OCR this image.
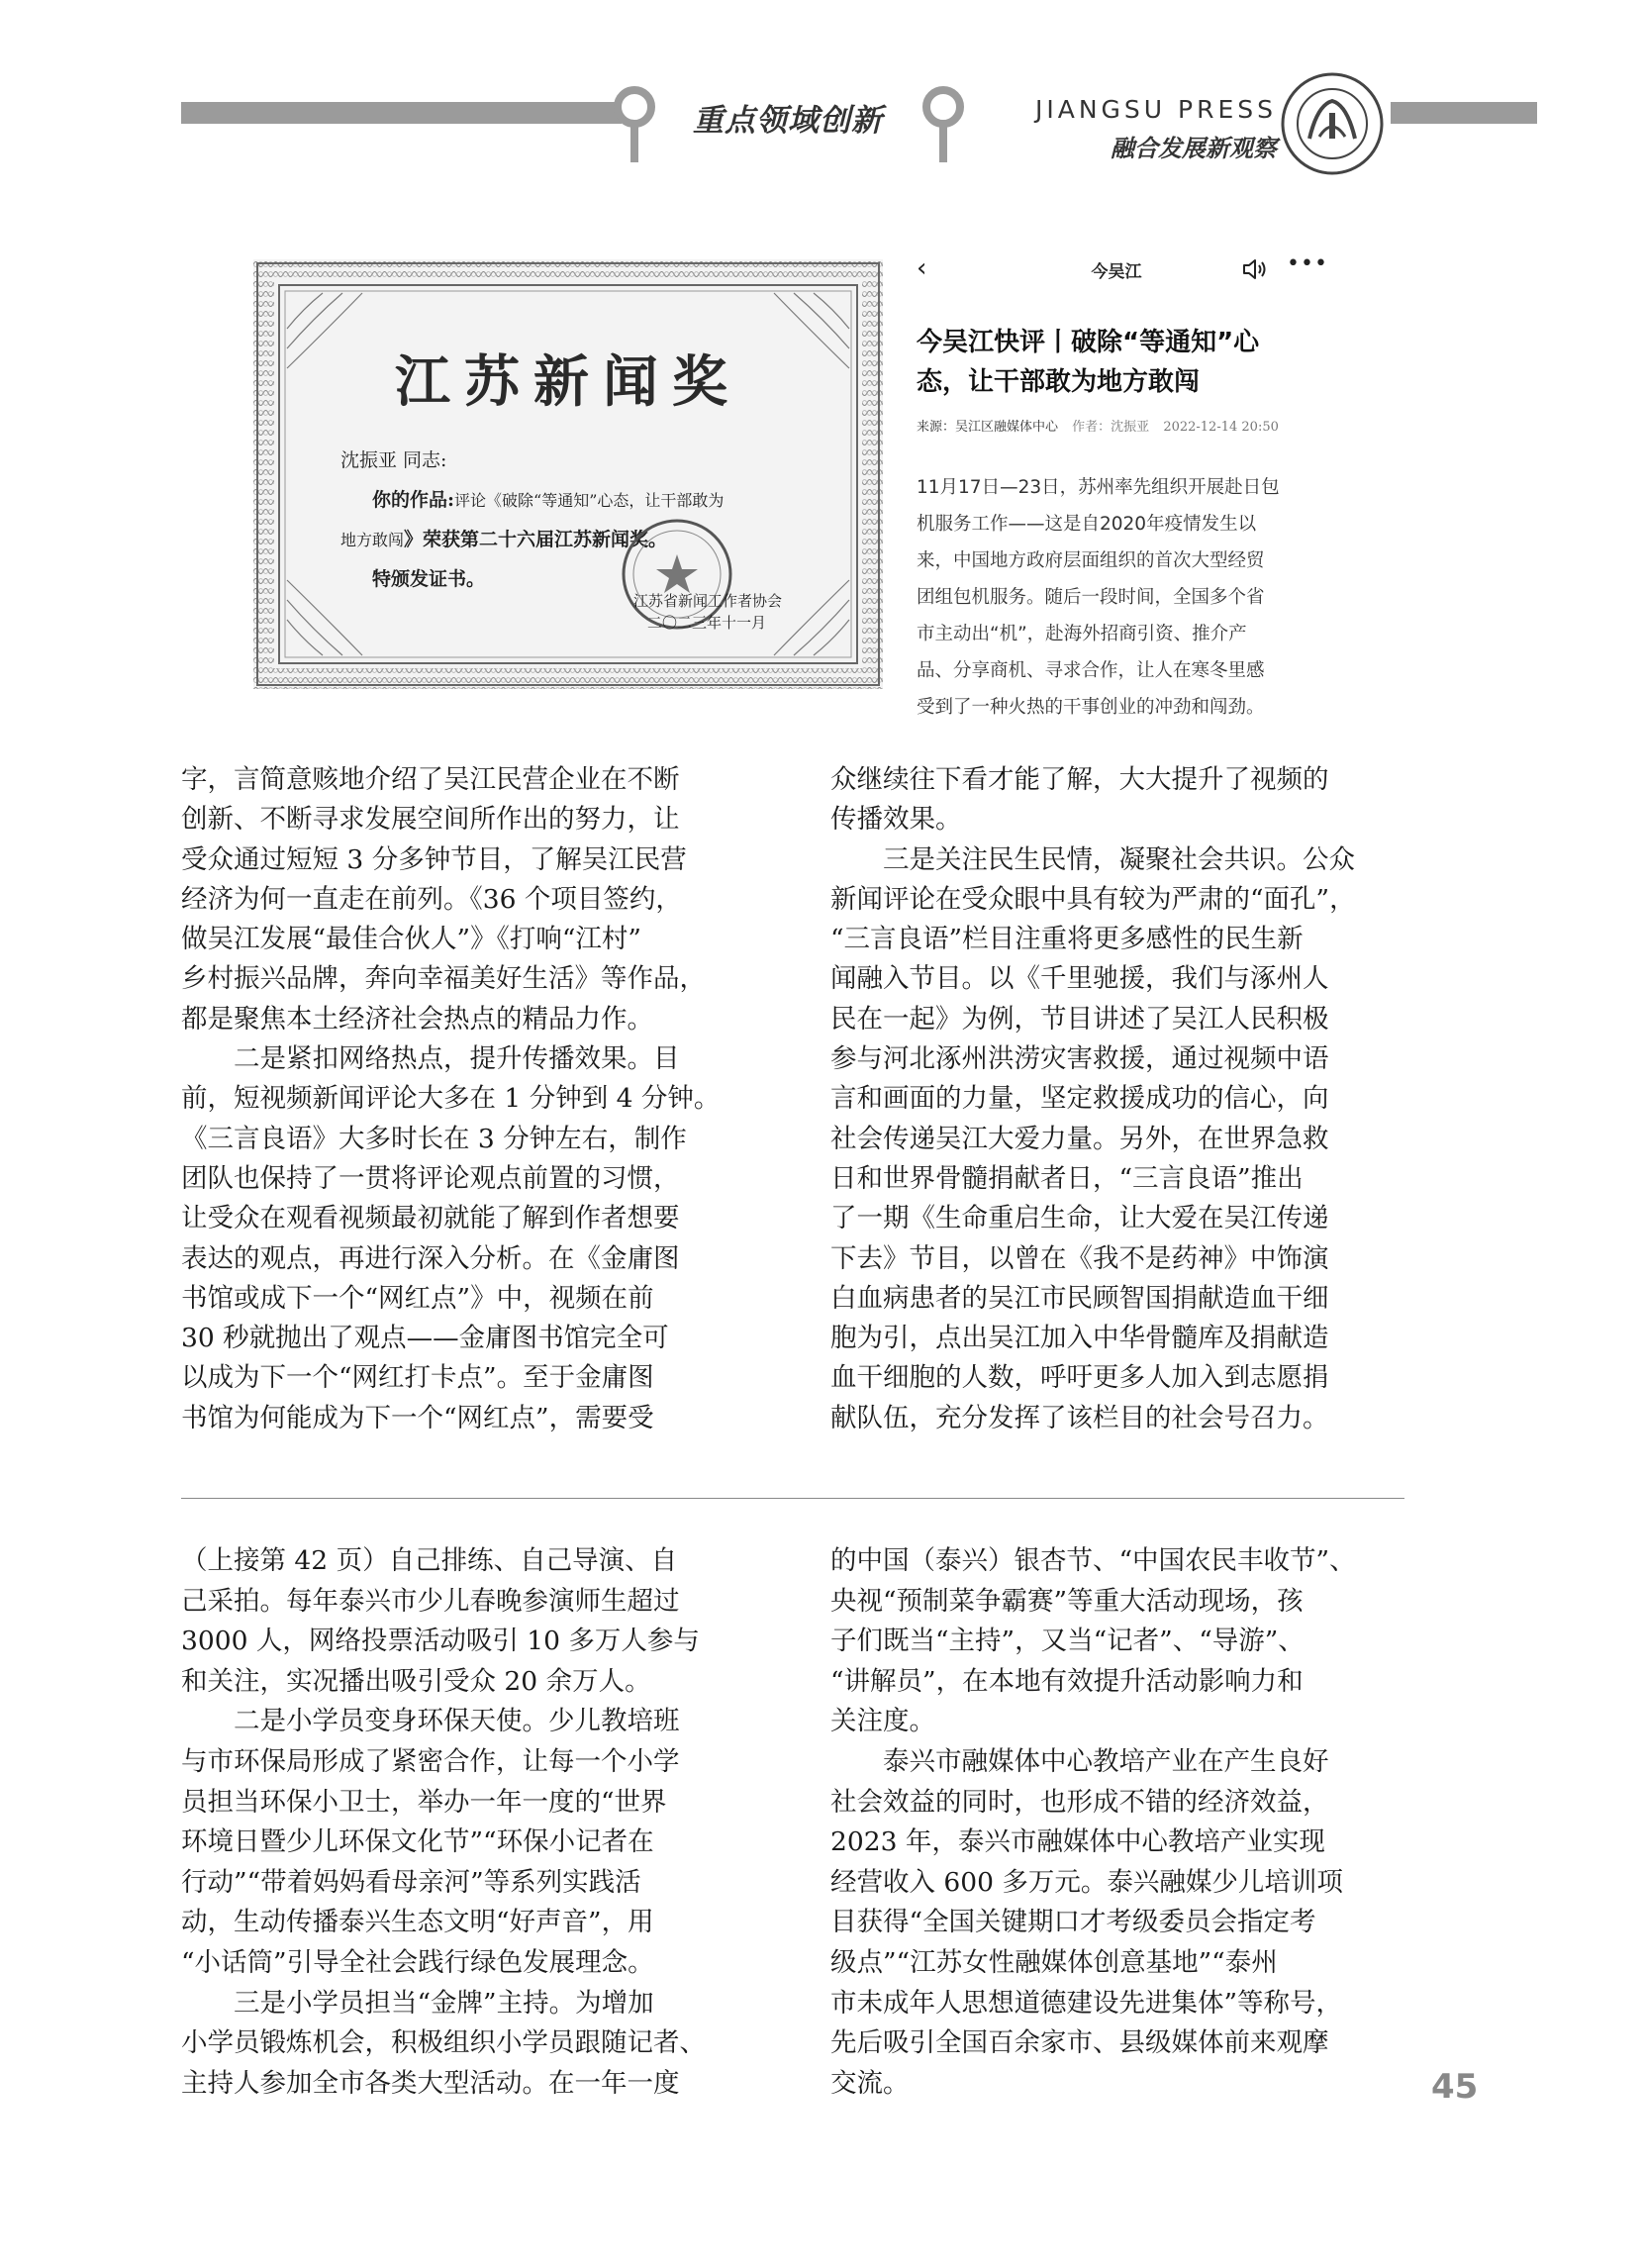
重点领域创新	JIANGSU PRESS
融合发展新观察
江苏新闻奖
沈振亚 同志:
你的作品:评论《破除“等通知”心态，让干部敢为
地方敢闯》荣获第二十六届江苏新闻奖。
特颁发证书。
江苏省新闻工作者协会
二〇二三年十一月
‹	今吴江	•••
今吴江快评丨破除“等通知”心
态，让干部敢为地方敢闯
来源：吴江区融媒体中心 作者：沈振亚 2022-12-14 20:50
11月17日—23日，苏州率先组织开展赴日包
机服务工作——这是自2020年疫情发生以
来，中国地方政府层面组织的首次大型经贸
团组包机服务。随后一段时间，全国多个省
市主动出“机”，赴海外招商引资、推介产
品、分享商机、寻求合作，让人在寒冬里感
受到了一种火热的干事创业的冲劲和闯劲。
字，言简意赅地介绍了吴江民营企业在不断
创新、不断寻求发展空间所作出的努力，让
受众通过短短 3 分多钟节目，了解吴江民营
经济为何一直走在前列。《36 个项目签约，
做吴江发展“最佳合伙人”》《打响“江村”
乡村振兴品牌，奔向幸福美好生活》等作品，
都是聚焦本土经济社会热点的精品力作。
　　二是紧扣网络热点，提升传播效果。目
前，短视频新闻评论大多在 1 分钟到 4 分钟。
《三言良语》大多时长在 3 分钟左右，制作
团队也保持了一贯将评论观点前置的习惯，
让受众在观看视频最初就能了解到作者想要
表达的观点，再进行深入分析。在《金庸图
书馆或成下一个“网红点”》中，视频在前
30 秒就抛出了观点——金庸图书馆完全可
以成为下一个“网红打卡点”。至于金庸图
书馆为何能成为下一个“网红点”，需要受
众继续往下看才能了解，大大提升了视频的
传播效果。
　　三是关注民生民情，凝聚社会共识。公众
新闻评论在受众眼中具有较为严肃的“面孔”，
“三言良语”栏目注重将更多感性的民生新
闻融入节目。以《千里驰援，我们与涿州人
民在一起》为例，节目讲述了吴江人民积极
参与河北涿州洪涝灾害救援，通过视频中语
言和画面的力量，坚定救援成功的信心，向
社会传递吴江大爱力量。另外，在世界急救
日和世界骨髓捐献者日，“三言良语”推出
了一期《生命重启生命，让大爱在吴江传递
下去》节目，以曾在《我不是药神》中饰演
白血病患者的吴江市民顾智国捐献造血干细
胞为引，点出吴江加入中华骨髓库及捐献造
血干细胞的人数，呼吁更多人加入到志愿捐
献队伍，充分发挥了该栏目的社会号召力。
（上接第 42 页）自己排练、自己导演、自
己采拍。每年泰兴市少儿春晚参演师生超过
3000 人，网络投票活动吸引 10 多万人参与
和关注，实况播出吸引受众 20 余万人。
　　二是小学员变身环保天使。少儿教培班
与市环保局形成了紧密合作，让每一个小学
员担当环保小卫士，举办一年一度的“世界
环境日暨少儿环保文化节”“环保小记者在
行动”“带着妈妈看母亲河”等系列实践活
动，生动传播泰兴生态文明“好声音”，用
“小话筒”引导全社会践行绿色发展理念。
　　三是小学员担当“金牌”主持。为增加
小学员锻炼机会，积极组织小学员跟随记者、
主持人参加全市各类大型活动。在一年一度
的中国（泰兴）银杏节、“中国农民丰收节”、
央视“预制菜争霸赛”等重大活动现场，孩
子们既当“主持”，又当“记者”、“导游”、
“讲解员”，在本地有效提升活动影响力和
关注度。
　　泰兴市融媒体中心教培产业在产生良好
社会效益的同时，也形成不错的经济效益，
2023 年，泰兴市融媒体中心教培产业实现
经营收入 600 多万元。泰兴融媒少儿培训项
目获得“全国关键期口才考级委员会指定考
级点”“江苏女性融媒体创意基地”“泰州
市未成年人思想道德建设先进集体”等称号，
先后吸引全国百余家市、县级媒体前来观摩
交流。	45
